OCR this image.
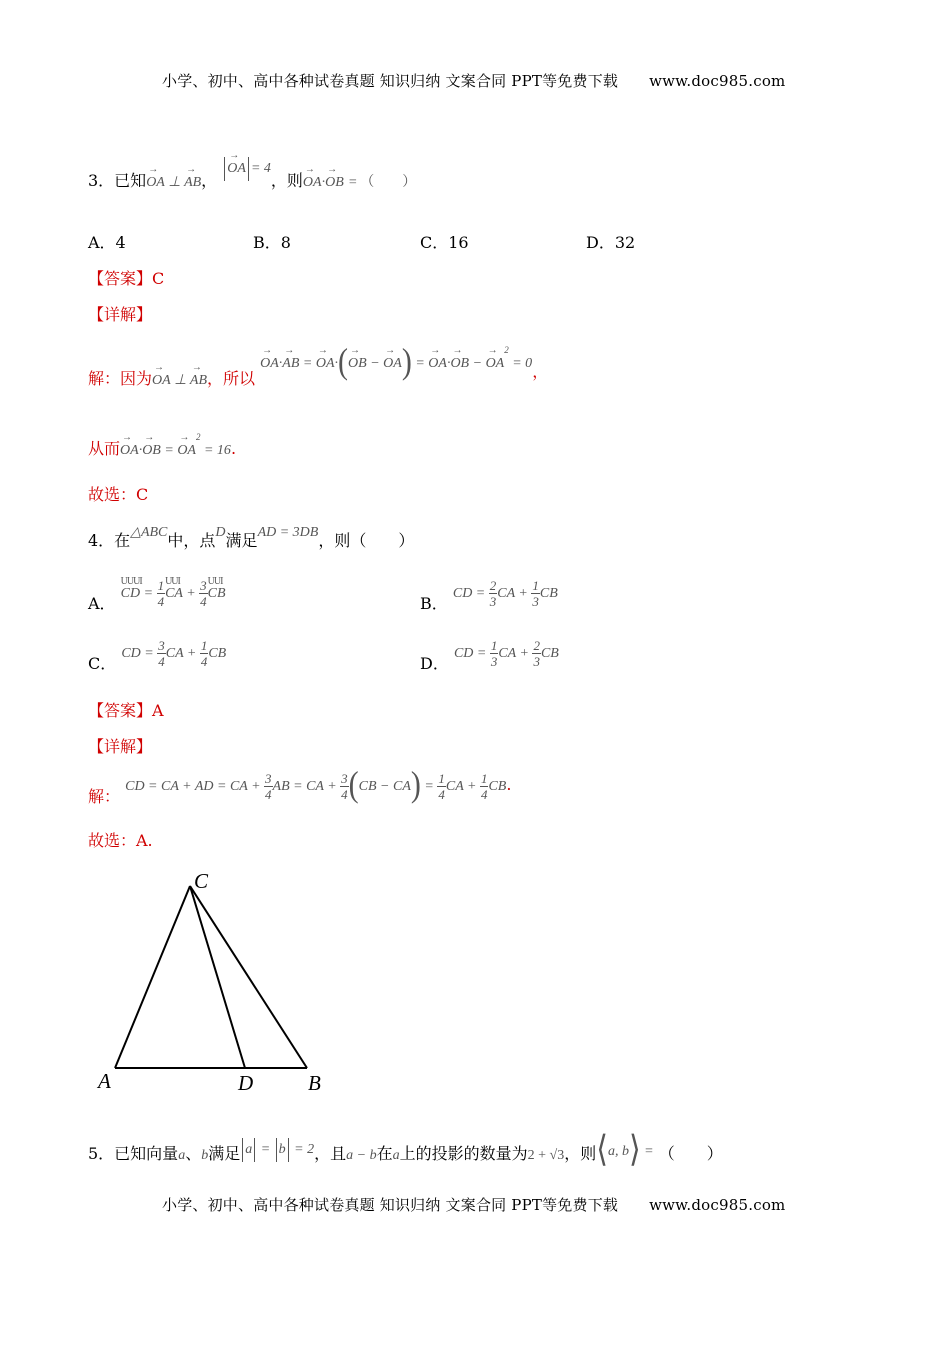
小学、初中、高中各种试卷真题 知识归纳 文案合同 PPT等免费下载 www.doc985.com
3．已知→ OA ⊥ → AB， → OA = 4，则→ OA·→ OB = （　　）
A．4	B．8	C．16	D．32
【答案】C
【详解】
解：因为→ OA ⊥ → AB，所以 → OA·→ AB = → OA·(→ OB − → OA) = → OA·→ OB − → $OA^2 = 0$，
从而→ OA·→ OB = → $OA^2 = 16$.
故选：C
4．在△ABC中，点D满足AD = 3DB，则（　　）
A．
UUUI
CD = $\frac{1}{4}$ UUI
CA + $\frac{3}{4}$ UUI
CB
B． CD = $\frac{2}{3}$ CA + $\frac{1}{3}$ CB
C． CD = $\frac{3}{4}$ CA + $\frac{1}{4}$ CB
D． CD = $\frac{1}{3}$ CA + $\frac{2}{3}$ CB
【答案】A
【详解】
解： CD = CA + AD = CA + $\frac{3}{4}$ AB = CA + $\frac{3}{4} (CB - CA) = \frac{1}{4}$ CA + $\frac{1}{4}$ CB.
故选：A.
C
A	D	B
5．已知向量a、b满足 a = b = 2，且a − b在a上的投影的数量为2 + √3，则⟨a, b⟩ = （　　）
小学、初中、高中各种试卷真题 知识归纳 文案合同 PPT等免费下载 www.doc985.com
